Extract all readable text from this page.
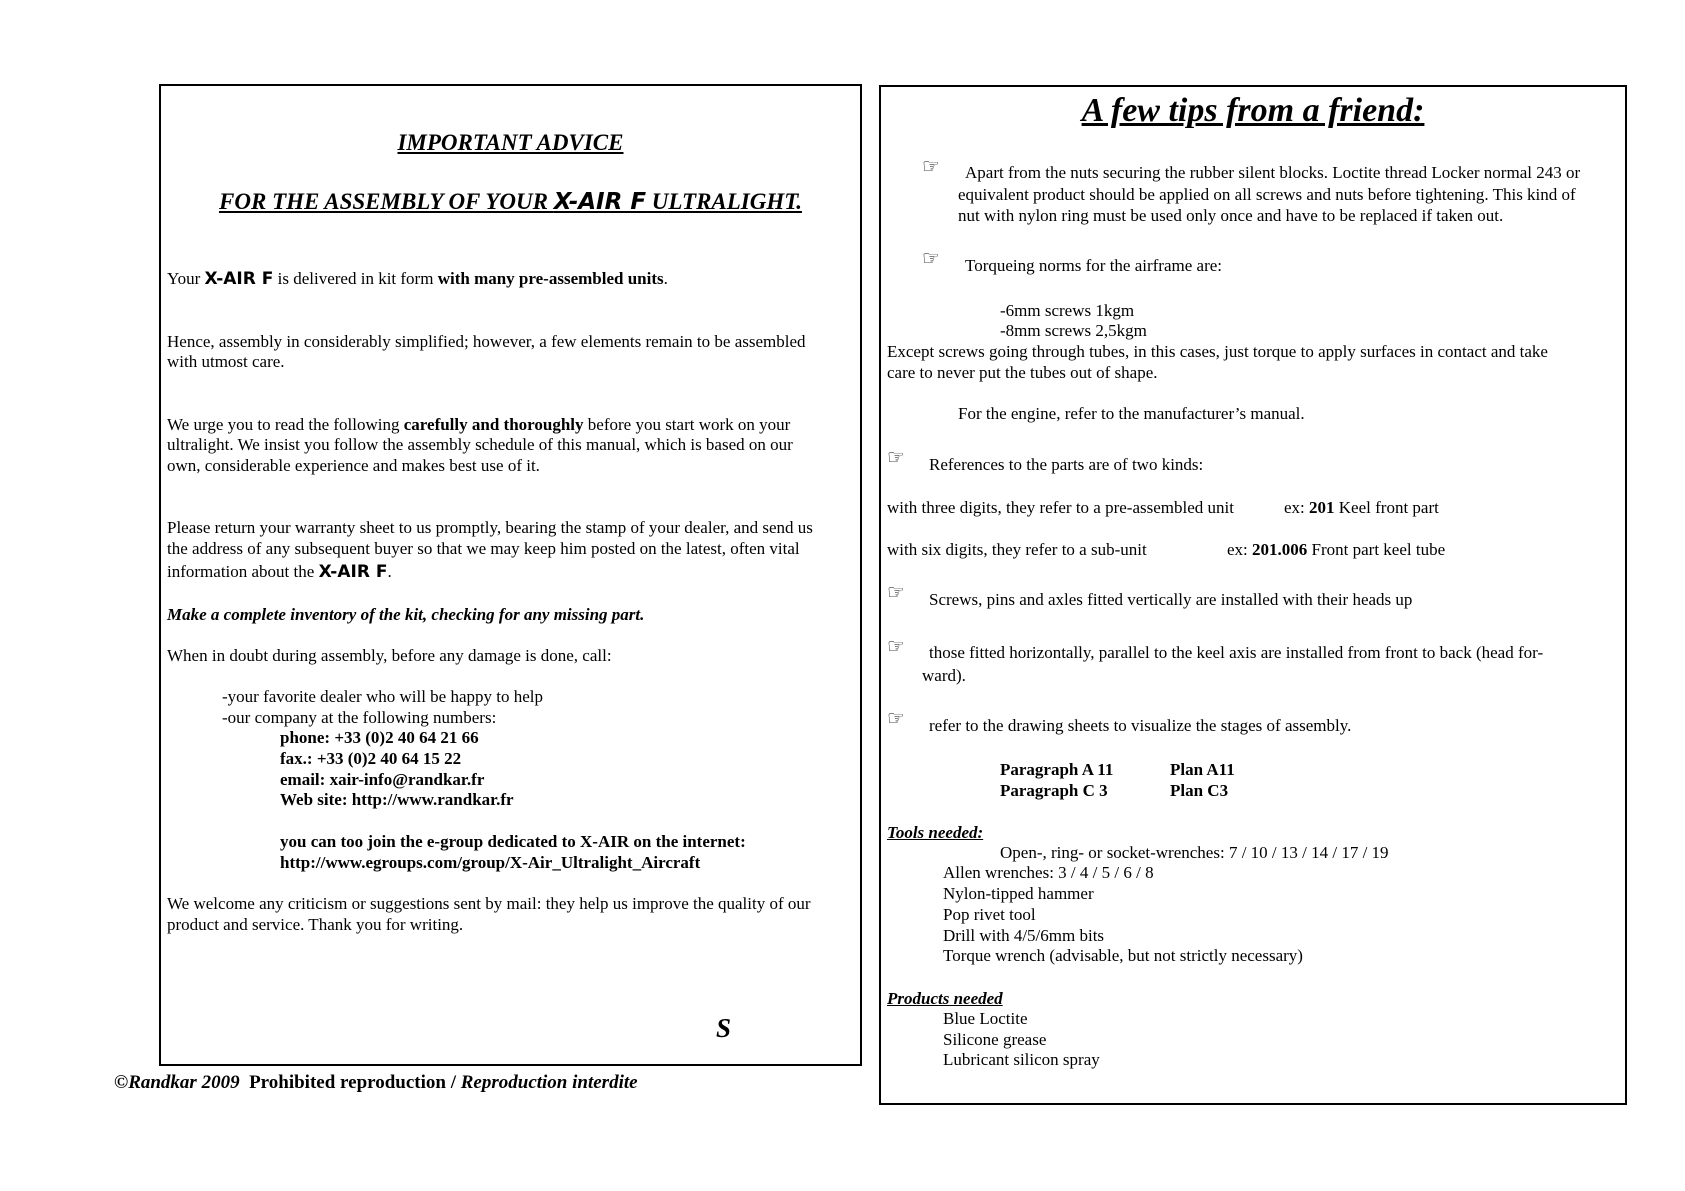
IMPORTANT ADVICE
FOR THE ASSEMBLY OF YOUR X-AIR F ULTRALIGHT.
Your X-AIR F is delivered in kit form with many pre-assembled units.
Hence, assembly in considerably simplified; however, a few elements remain to be assembled
with utmost care.
We urge you to read the following carefully and thoroughly before you start work on your
ultralight. We insist you follow the assembly schedule of this manual, which is based on our
own, considerable experience and makes best use of it.
Please return your warranty sheet to us promptly, bearing the stamp of your dealer, and send us
the address of any subsequent buyer so that we may keep him posted on the latest, often vital
information about the X-AIR F.
Make a complete inventory of the kit, checking for any missing part.
When in doubt during assembly, before any damage is done, call:
-your favorite dealer who will be happy to help
-our company at the following numbers:
phone: +33 (0)2 40 64 21 66
fax.: +33 (0)2 40 64 15 22
email: xair-info@randkar.fr
Web site: http://www.randkar.fr
you can too join the e-group dedicated to X-AIR on the internet:
http://www.egroups.com/group/X-Air_Ultralight_Aircraft
We welcome any criticism or suggestions sent by mail: they help us improve the quality of our
product and service. Thank you for writing.
S
©Randkar 2009 Prohibited reproduction / Reproduction interdite
A few tips from a friend:
☞ Apart from the nuts securing the rubber silent blocks. Loctite thread Locker normal 243 or
equivalent product should be applied on all screws and nuts before tightening. This kind of
nut with nylon ring must be used only once and have to be replaced if taken out.
☞ Torqueing norms for the airframe are:
-6mm screws 1kgm
-8mm screws 2,5kgm
Except screws going through tubes, in this cases, just torque to apply surfaces in contact and take
care to never put the tubes out of shape.
For the engine, refer to the manufacturer’s manual.
☞ References to the parts are of two kinds:
with three digits, they refer to a pre-assembled unit	ex: 201 Keel front part
with six digits, they refer to a sub-unit	ex: 201.006 Front part keel tube
☞ Screws, pins and axles fitted vertically are installed with their heads up
☞ those fitted horizontally, parallel to the keel axis are installed from front to back (head for-
ward).
☞ refer to the drawing sheets to visualize the stages of assembly.
Paragraph A 11	Plan A11
Paragraph C 3	Plan C3
Tools needed:
Open-, ring- or socket-wrenches: 7 / 10 / 13 / 14 / 17 / 19
Allen wrenches: 3 / 4 / 5 / 6 / 8
Nylon-tipped hammer
Pop rivet tool
Drill with 4/5/6mm bits
Torque wrench (advisable, but not strictly necessary)
Products needed
Blue Loctite
Silicone grease
Lubricant silicon spray
